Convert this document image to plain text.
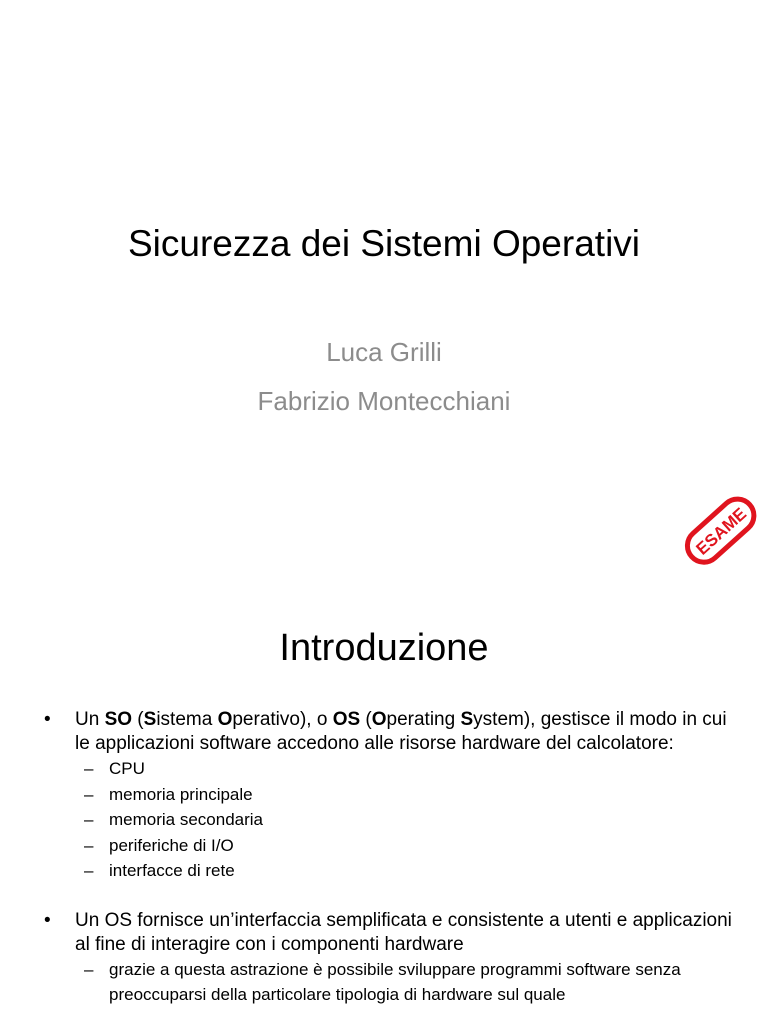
Sicurezza dei Sistemi Operativi
Luca Grilli
Fabrizio Montecchiani
ESAME
Introduzione
• Un SO (Sistema Operativo), o OS (Operating System), gestisce il modo in cui le applicazioni software accedono alle risorse hardware del calcolatore:
– CPU
– memoria principale
– memoria secondaria
– periferiche di I/O
– interfacce di rete
• Un OS fornisce un’interfaccia semplificata e consistente a utenti e applicazioni al fine di interagire con i componenti hardware
– grazie a questa astrazione è possibile sviluppare programmi software senza preoccuparsi della particolare tipologia di hardware sul quale
